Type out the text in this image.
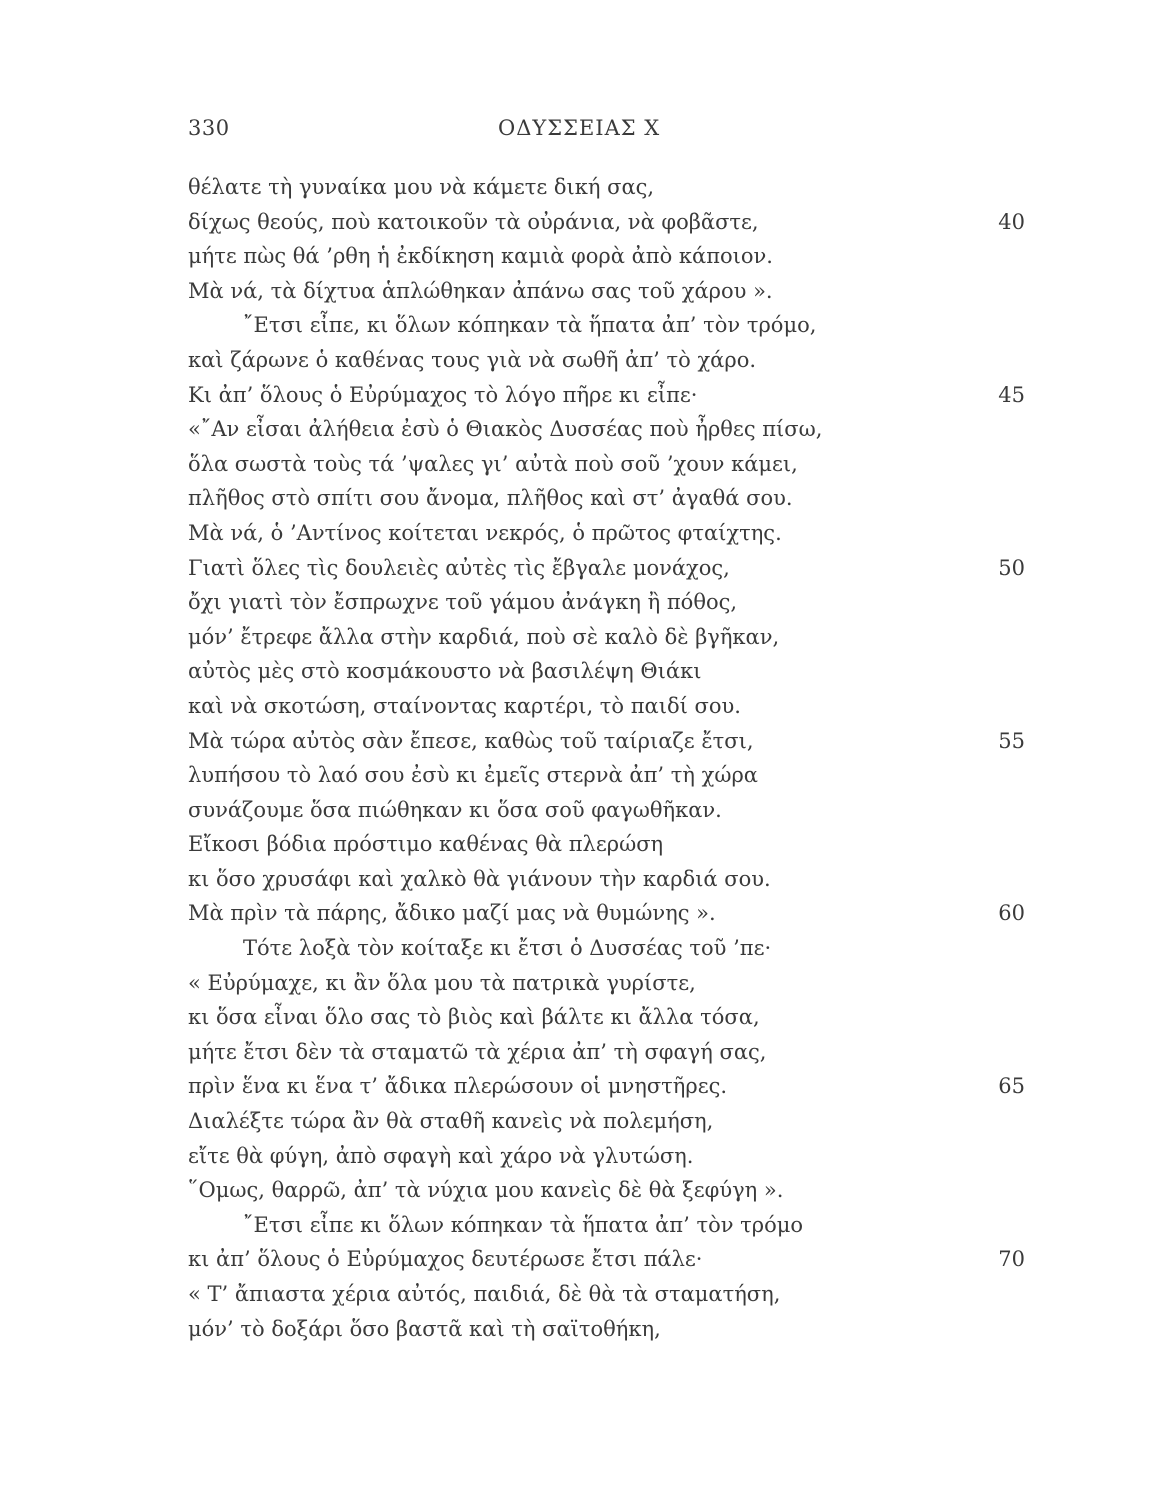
330	ΟΔΥΣΣΕΙΑΣ Χ
θέλατε τὴ γυναίκα μου νὰ κάμετε δική σας,
δίχως θεούς, ποὺ κατοικοῦν τὰ οὐράνια, νὰ φοβᾶστε,	40
μήτε πὼς θά ’ρθη ἡ ἐκδίκηση καμιὰ φορὰ ἀπὸ κάποιον.
Μὰ νά, τὰ δίχτυα ἁπλώθηκαν ἀπάνω σας τοῦ χάρου ».
῎Ετσι εἶπε, κι ὅλων κόπηκαν τὰ ἥπατα ἀπ’ τὸν τρόμο,
καὶ ζάρωνε ὁ καθένας τους γιὰ νὰ σωθῆ ἀπ’ τὸ χάρο.
Κι ἀπ’ ὅλους ὁ Εὐρύμαχος τὸ λόγο πῆρε κι εἶπε·	45
«῎Αν εἶσαι ἀλήθεια ἐσὺ ὁ Θιακὸς Δυσσέας ποὺ ἦρθες πίσω,
ὅλα σωστὰ τοὺς τά ’ψαλες γι’ αὐτὰ ποὺ σοῦ ’χουν κάμει,
πλῆθος στὸ σπίτι σου ἄνομα, πλῆθος καὶ στ’ ἀγαθά σου.
Μὰ νά, ὁ ’Αντίνος κοίτεται νεκρός, ὁ πρῶτος φταίχτης.
Γιατὶ ὅλες τὶς δουλειὲς αὐτὲς τὶς ἔβγαλε μονάχος,	50
ὄχι γιατὶ τὸν ἔσπρωχνε τοῦ γάμου ἀνάγκη ἢ πόθος,
μόν’ ἔτρεφε ἄλλα στὴν καρδιά, ποὺ σὲ καλὸ δὲ βγῆκαν,
αὐτὸς μὲς στὸ κοσμάκουστο νὰ βασιλέψη Θιάκι
καὶ νὰ σκοτώση, σταίνοντας καρτέρι, τὸ παιδί σου.
Μὰ τώρα αὐτὸς σὰν ἔπεσε, καθὼς τοῦ ταίριαζε ἔτσι,	55
λυπήσου τὸ λαό σου ἐσὺ κι ἐμεῖς στερνὰ ἀπ’ τὴ χώρα
συνάζουμε ὅσα πιώθηκαν κι ὅσα σοῦ φαγωθῆκαν.
Εἴκοσι βόδια πρόστιμο καθένας θὰ πλερώση
κι ὅσο χρυσάφι καὶ χαλκὸ θὰ γιάνουν τὴν καρδιά σου.
Μὰ πρὶν τὰ πάρης, ἄδικο μαζί μας νὰ θυμώνης ».	60
Τότε λοξὰ τὸν κοίταξε κι ἔτσι ὁ Δυσσέας τοῦ ’πε·
« Εὐρύμαχε, κι ἂν ὅλα μου τὰ πατρικὰ γυρίστε,
κι ὅσα εἶναι ὅλο σας τὸ βιὸς καὶ βάλτε κι ἄλλα τόσα,
μήτε ἔτσι δὲν τὰ σταματῶ τὰ χέρια ἀπ’ τὴ σφαγή σας,
πρὶν ἕνα κι ἕνα τ’ ἄδικα πλερώσουν οἱ μνηστῆρες.	65
Διαλέξτε τώρα ἂν θὰ σταθῆ κανεὶς νὰ πολεμήση,
εἴτε θὰ φύγη, ἀπὸ σφαγὴ καὶ χάρο νὰ γλυτώση.
῞Ομως, θαρρῶ, ἀπ’ τὰ νύχια μου κανεὶς δὲ θὰ ξεφύγη ».
῎Ετσι εἶπε κι ὅλων κόπηκαν τὰ ἥπατα ἀπ’ τὸν τρόμο
κι ἀπ’ ὅλους ὁ Εὐρύμαχος δευτέρωσε ἔτσι πάλε·	70
« Τ’ ἄπιαστα χέρια αὐτός, παιδιά, δὲ θὰ τὰ σταματήση,
μόν’ τὸ δοξάρι ὅσο βαστᾶ καὶ τὴ σαϊτοθήκη,
